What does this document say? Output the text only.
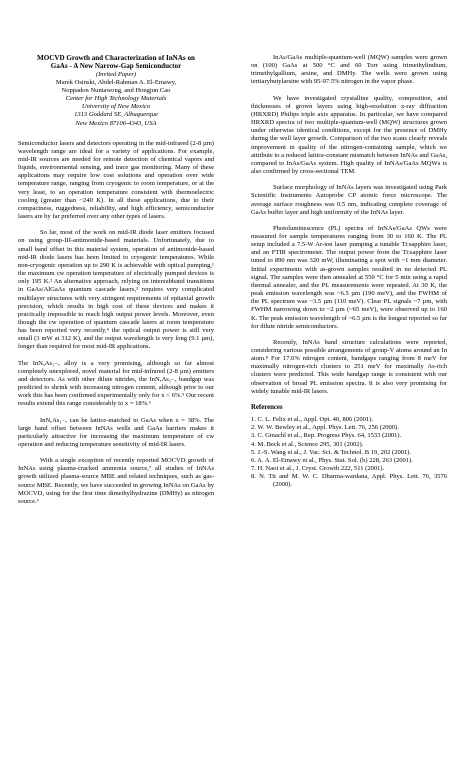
MOCVD Growth and Characterization of InNAs on
GaAs - A New Narrow-Gap Semiconductor
(Invited Paper)
Marek Osinski, Abdel-Rahman A. El-Emawy,
Noppadon Nuntawong, and Hongjun Cao
Center for High Technology Materials
University of New Mexico
1313 Goddard SE, Albuquerque
New Mexico 87106-4343, USA

Semiconductor lasers and detectors operating in the mid-infrared (2-8 µm) wavelength range are ideal for a variety of applications. For example, mid-IR sources are needed for remote detection of chemical vapors and liquids, environmental sensing, and trace gas monitoring. Many of these applications may require low cost solutions and operation over wide temperature range, ranging from cryogenic to room temperature, or at the very least, to an operation temperature consistent with thermoelectric cooling (greater than ~240 K). In all these applications, due to their compactness, ruggedness, reliability, and high efficiency, semiconductor lasers are by far preferred over any other types of lasers.

So far, most of the work on mid-IR diode laser emitters focused on using group-III-antimonide-based materials. Unfortunately, due to small band offset in this material system, operation of antimonide-based mid-IR diode lasers has been limited to cryogenic temperatures. While non-cryogenic operation up to 290 K is achievable with optical pumping,¹ the maximum cw operation temperature of electrically pumped devices is only 195 K.² An alternative approach, relying on intersubband transitions in GaAs/AlGaAs quantum cascade lasers,³ requires very complicated multilayer structures with very stringent requirements of epitaxial growth precision, which results in high cost of these devices and makes it practically impossible to reach high output power levels. Moreover, even though the cw operation of quantum cascade lasers at room temperature has been reported very recently,⁴ the optical output power is still very small (3 mW at 312 K), and the output wavelength is very long (9.1 µm), longer than required for most mid-IR applications.

The InNₓAs₁₋ₓ alloy is a very promising, although so far almost completely unexplored, novel material for mid-infrared (2-8 µm) emitters and detectors. As with other dilute nitrides, the InNₓAs₁₋ₓ bandgap was predicted to shrink with increasing nitrogen content, although prior to our work this has been confirmed experimentally only for x < 6%.⁵ Our recent results extend this range considerably to x = 18%.⁶

InNₓAs₁₋ₓ can be lattice-matched to GaAs when x = 38%. The large band offset between InNAs wells and GaAs barriers makes it particularly attractive for increasing the maximum temperature of cw operation and reducing temperature sensitivity of mid-IR lasers.

With a single exception of recently reported MOCVD growth of InNAs using plasma-cracked ammonia source,⁷ all studies of InNAs growth utilized plasma-source MBE and related techniques, such as gas-source MBE. Recently, we have succeeded in growing InNAs on GaAs by MOCVD, using for the first time dimethylhydrazine (DMHy) as nitrogen source.⁶

InAs/GaAs multiple-quantum-well (MQW) samples were grown on (100) GaAs at 500 °C and 60 Torr using trimethylindium, trimethylgallium, arsine, and DMHy. The wells were grown using tertiarybutylarsine with 95-97.5% nitrogen in the vapor phase.

We have investigated crystalline quality, composition, and thicknesses of grown layers using high-resolution x-ray diffraction (HRXRD) Philips triple axis apparatus. In particular, we have compared HRXRD spectra of two multiple-quantum-well (MQW) structures grown under otherwise identical conditions, except for the presence of DMHy during the well layer growth. Comparison of the two scans clearly reveals improvement in quality of the nitrogen-containing sample, which we attribute to a reduced lattice-constant mismatch between InNAs and GaAs, compared to InAs/GaAs system. High quality of InNAs/GaAs MQWs is also confirmed by cross-sectional TEM.

Surface morphology of InNAs layers was investigated using Park Scientific Instruments Autoprobe CP atomic force microscope. The average surface roughness was 0.5 nm, indicating complete coverage of GaAs buffer layer and high uniformity of the InNAs layer.

Photoluminescence (PL) spectra of InNAs/GaAs QWs were measured for sample temperatures ranging from 30 to 160 K. The PL setup included a 7.5-W Ar-ion laser pumping a tunable Ti:sapphire laser, and an FTIR spectrometer. The output power from the Ti:sapphire laser tuned to 890 nm was 320 mW, illuminating a spot with ~1 mm diameter. Initial experiments with as-grown samples resulted in no detected PL signal. The samples were then annealed at 550 °C for 5 min using a rapid thermal annealer, and the PL measurements were repeated. At 30 K, the peak emission wavelength was ~6.5 µm (190 meV), and the FWHM of the PL spectrum was ~3.5 µm (110 meV). Clear PL signals ~7 µm, with FWHM narrowing down to ~2 µm (~65 meV), were observed up to 160 K. The peak emission wavelength of ~6.5 µm is the longest reported so far for dilute nitride semiconductors.

Recently, InNAs band structure calculations were reported, considering various possible arrangements of group-V atoms around an In atom.⁸ For 17.6% nitrogen content, bandgaps ranging from 8 meV for maximally nitrogen-rich clusters to 251 meV for maximally As-rich clusters were predicted. This wide bandgap range is consistent with our observation of broad PL emission spectra. It is also very promising for widely tunable mid-IR lasers.

References

1. C. L. Felix et al., Appl. Opt. 40, 806 (2001).

2. W. W. Bewley et al., Appl. Phys. Lett. 76, 256 (2000).

3. C. Gmachl et al., Rep. Progress Phys. 64, 1533 (2001).

4. M. Beck et al., Science 295, 301 (2002).

5. J.-S. Wang et al., J. Vac. Sci. & Technol. B 19, 202 (2001).

6. A. A. El-Emawy et al., Phys. Stat. Sol. (b) 228, 263 (2001).

7. H. Naoi et al., J. Cryst. Growth 222, 511 (2001).

8. N. Tit and M. W. C. Dharma-wardana, Appl. Phys. Lett. 76, 3576 (2000).
